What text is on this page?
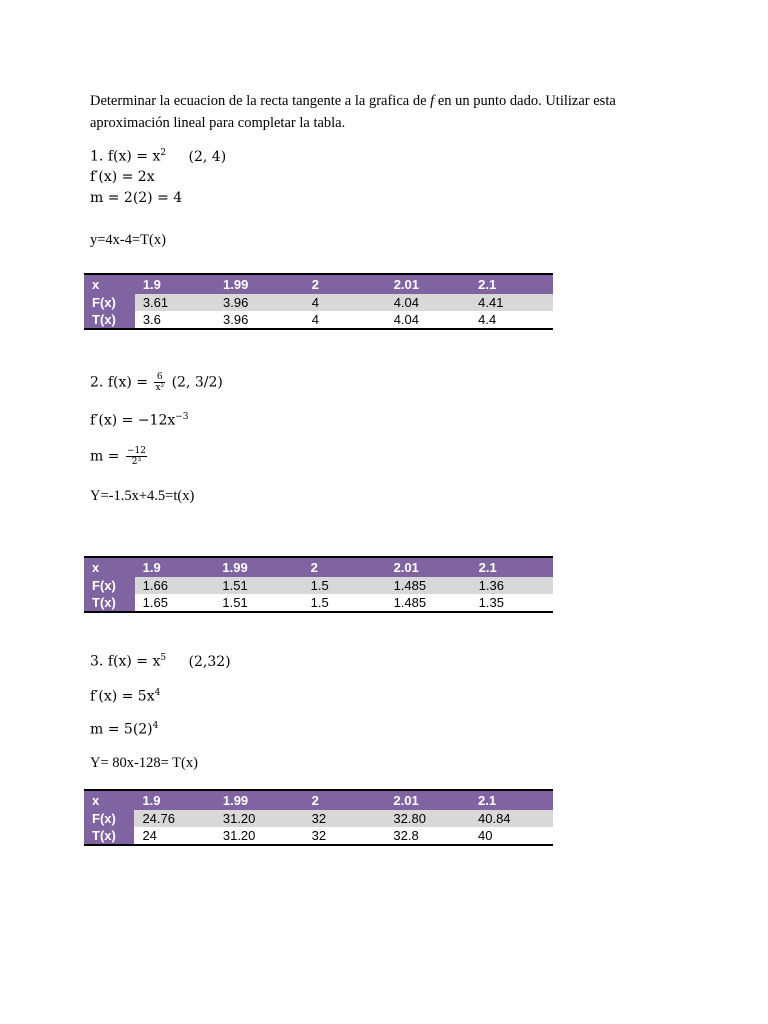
Determinar la ecuacion de la recta tangente a la grafica de f en un punto dado. Utilizar esta aproximación lineal para completar la tabla.
1. $f(x) = x^2$ (2, 4)
f′(x) = 2x
m = 2(2) = 4
y=4x-4=T(x)
x	1.9	1.99	2	2.01	2.1
F(x)	3.61	3.96	4	4.04	4.41
T(x)	3.6	3.96	4	4.04	4.4
2. $f(x) = \frac{6}{\text{x²}} (2$, 3/2)
$f'(x) = -12x^{-3}$
$m = \frac{-12}{\text{2³}}$
Y=-1.5x+4.5=t(x)
x	1.9	1.99	2	2.01	2.1
F(x)	1.66	1.51	1.5	1.485	1.36
T(x)	1.65	1.51	1.5	1.485	1.35
3. $f(x) = x^5$ (2,32)
$f'(x) = 5x^4$
$m = 5(2)^4$
Y= 80x-128= T(x)
x	1.9	1.99	2	2.01	2.1
F(x)	24.76	31.20	32	32.80	40.84
T(x)	24	31.20	32	32.8	40
